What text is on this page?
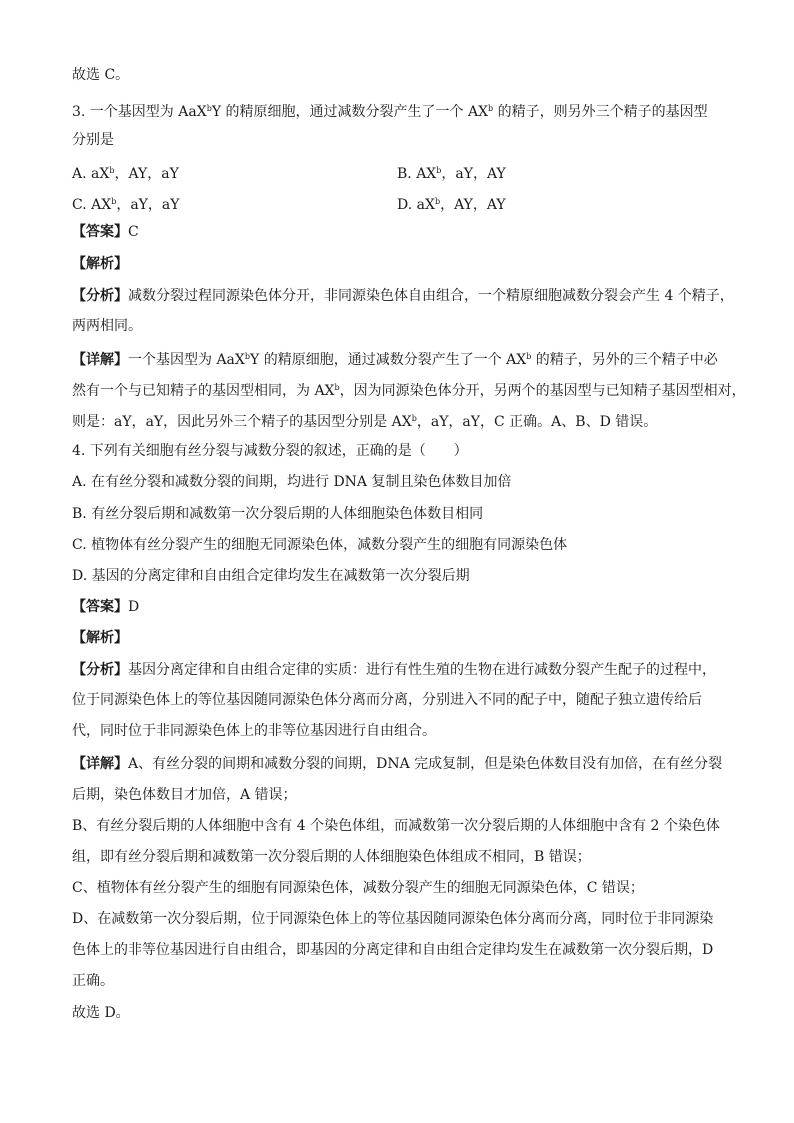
故选 C。
3. 一个基因型为 AaX$^b$Y 的精原细胞，通过减数分裂产生了一个 $AX^b$ 的精子，则另外三个精子的基因型
分别是
A. $aX^b$，AY，aY	B. $AX^b$，aY，AY
C. $AX^b$，aY，aY	D. $aX^b$，AY，AY
【答案】C
【解析】
【分析】减数分裂过程同源染色体分开，非同源染色体自由组合，一个精原细胞减数分裂会产生 4 个精子，
两两相同。
【详解】一个基因型为 AaX$^b$Y 的精原细胞，通过减数分裂产生了一个 $AX^b$ 的精子，另外的三个精子中必
然有一个与已知精子的基因型相同，为 $AX^b$，因为同源染色体分开，另两个的基因型与已知精子基因型相对，
则是：aY，aY，因此另外三个精子的基因型分别是 $AX^b$，aY，aY，C 正确。A、B、D 错误。
4. 下列有关细胞有丝分裂与减数分裂的叙述，正确的是（　　）
A. 在有丝分裂和减数分裂的间期，均进行 DNA 复制且染色体数目加倍
B. 有丝分裂后期和减数第一次分裂后期的人体细胞染色体数目相同
C. 植物体有丝分裂产生的细胞无同源染色体，减数分裂产生的细胞有同源染色体
D. 基因的分离定律和自由组合定律均发生在减数第一次分裂后期
【答案】D
【解析】
【分析】基因分离定律和自由组合定律的实质：进行有性生殖的生物在进行减数分裂产生配子的过程中，
位于同源染色体上的等位基因随同源染色体分离而分离，分别进入不同的配子中，随配子独立遗传给后
代，同时位于非同源染色体上的非等位基因进行自由组合。
【详解】A、有丝分裂的间期和减数分裂的间期，DNA 完成复制，但是染色体数目没有加倍，在有丝分裂
后期，染色体数目才加倍，A 错误；
B、有丝分裂后期的人体细胞中含有 4 个染色体组，而减数第一次分裂后期的人体细胞中含有 2 个染色体
组，即有丝分裂后期和减数第一次分裂后期的人体细胞染色体组成不相同，B 错误；
C、植物体有丝分裂产生的细胞有同源染色体，减数分裂产生的细胞无同源染色体，C 错误；
D、在减数第一次分裂后期，位于同源染色体上的等位基因随同源染色体分离而分离，同时位于非同源染
色体上的非等位基因进行自由组合，即基因的分离定律和自由组合定律均发生在减数第一次分裂后期，D
正确。
故选 D。
